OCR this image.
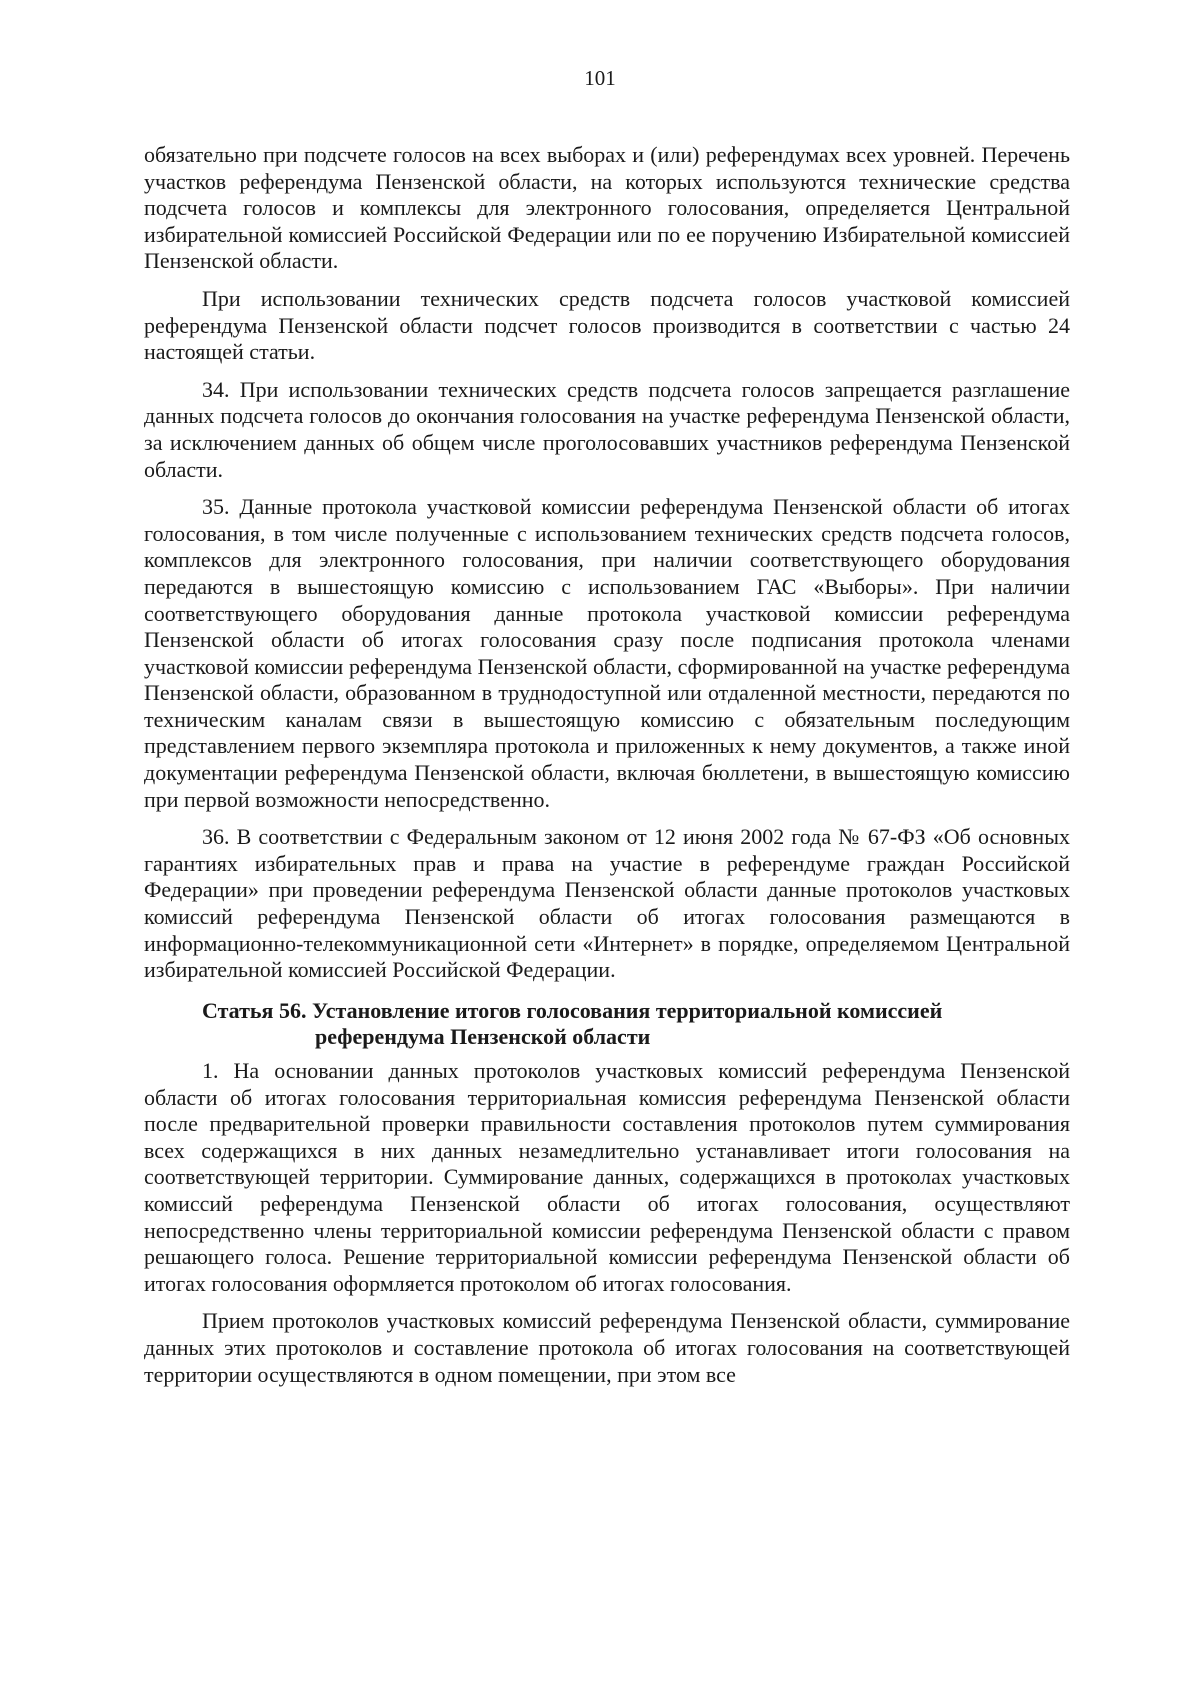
101

обязательно при подсчете голосов на всех выборах и (или) референдумах всех уровней. Перечень участков референдума Пензенской области, на которых используются технические средства подсчета голосов и комплексы для электронного голосования, определяется Центральной избирательной комиссией Российской Федерации или по ее поручению Избирательной комиссией Пензенской области.

При использовании технических средств подсчета голосов участковой комиссией референдума Пензенской области подсчет голосов производится в соответствии с частью 24 настоящей статьи.

34. При использовании технических средств подсчета голосов запрещается разглашение данных подсчета голосов до окончания голосования на участке референдума Пензенской области, за исключением данных об общем числе проголосовавших участников референдума Пензенской области.

35. Данные протокола участковой комиссии референдума Пензенской области об итогах голосования, в том числе полученные с использованием технических средств подсчета голосов, комплексов для электронного голосования, при наличии соответствующего оборудования передаются в вышестоящую комиссию с использованием ГАС «Выборы». При наличии соответствующего оборудования данные протокола участковой комиссии референдума Пензенской области об итогах голосования сразу после подписания протокола членами участковой комиссии референдума Пензенской области, сформированной на участке референдума Пензенской области, образованном в труднодоступной или отдаленной местности, передаются по техническим каналам связи в вышестоящую комиссию с обязательным последующим представлением первого экземпляра протокола и приложенных к нему документов, а также иной документации референдума Пензенской области, включая бюллетени, в вышестоящую комиссию при первой возможности непосредственно.

36. В соответствии с Федеральным законом от 12 июня 2002 года № 67-ФЗ «Об основных гарантиях избирательных прав и права на участие в референдуме граждан Российской Федерации» при проведении референдума Пензенской области данные протоколов участковых комиссий референдума Пензенской области об итогах голосования размещаются в информационно-телекоммуникационной сети «Интернет» в порядке, определяемом Центральной избирательной комиссией Российской Федерации.

Статья 56. Установление итогов голосования территориальной комиссией
референдума Пензенской области

1. На основании данных протоколов участковых комиссий референдума Пензенской области об итогах голосования территориальная комиссия референдума Пензенской области после предварительной проверки правильности составления протоколов путем суммирования всех содержащихся в них данных незамедлительно устанавливает итоги голосования на соответствующей территории. Суммирование данных, содержащихся в протоколах участковых комиссий референдума Пензенской области об итогах голосования, осуществляют непосредственно члены территориальной комиссии референдума Пензенской области с правом решающего голоса. Решение территориальной комиссии референдума Пензенской области об итогах голосования оформляется протоколом об итогах голосования.

Прием протоколов участковых комиссий референдума Пензенской области, суммирование данных этих протоколов и составление протокола об итогах голосования на соответствующей территории осуществляются в одном помещении, при этом все
